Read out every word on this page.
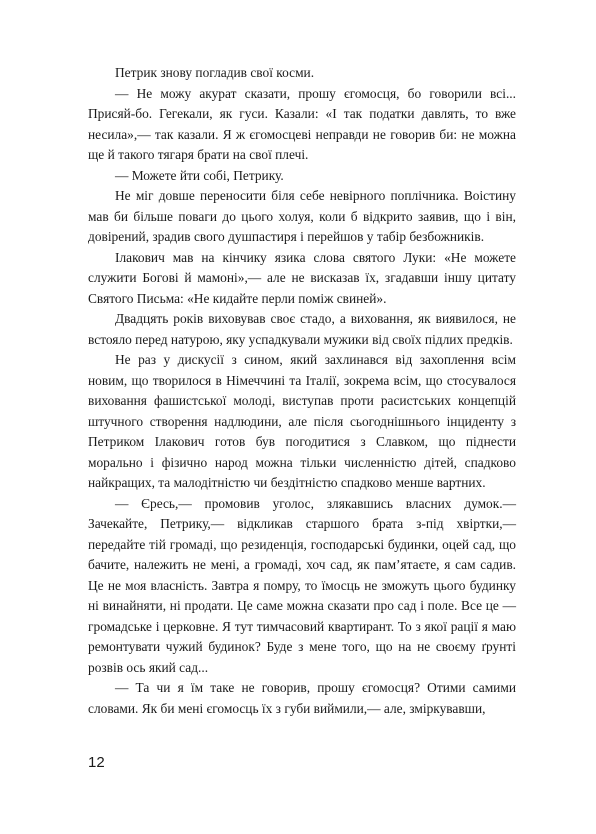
Петрик знову погладив свої косми.

— Не можу акурат сказати, прошу єгомосця, бо говорили всі... Присяй-бо. Гегекали, як гуси. Казали: «І так податки давлять, то вже несила»,— так казали. Я ж єгомосцеві неправди не говорив би: не можна ще й такого тягаря брати на свої плечі.

— Можете йти собі, Петрику.

Не міг довше переносити біля себе невірного поплічника. Воістину мав би більше поваги до цього холуя, коли б відкрито заявив, що і він, довірений, зрадив свого душпастиря і перейшов у табір безбожників.

Ілакович мав на кінчику язика слова святого Луки: «Не можете служити Богові й мамоні»,— але не висказав їх, згадавши іншу цитату Святого Письма: «Не кидайте перли поміж свиней».

Двадцять років виховував своє стадо, а виховання, як виявилося, не встояло перед натурою, яку успадкували мужики від своїх підлих предків.

Не раз у дискусії з сином, який захлинався від захоплення всім новим, що творилося в Німеччині та Італії, зокрема всім, що стосувалося виховання фашистської молоді, виступав проти расистських концепцій штучного створення надлюдини, але після сьогоднішнього інциденту з Петриком Ілакович готов був погодитися з Славком, що піднести морально і фізично народ можна тільки численністю дітей, спадково найкращих, та малодітністю чи бездітністю спадково менше вартних.

— Єресь,— промовив уголос, злякавшись власних думок.— Зачекайте, Петрику,— відкликав старшого брата з-під хвіртки,— передайте тій громаді, що резиденція, господарські будинки, оцей сад, що бачите, належить не мені, а громаді, хоч сад, як пам’ятаєте, я сам садив. Це не моя власність. Завтра я помру, то їмосць не зможуть цього будинку ні винайняти, ні продати. Це саме можна сказати про сад і поле. Все це — громадське і церковне. Я тут тимчасовий квартирант. То з якої рації я маю ремонтувати чужий будинок? Буде з мене того, що на не своєму ґрунті розвів ось який сад...

— Та чи я їм таке не говорив, прошу єгомосця? Отими самими словами. Як би мені єгомосць їх з губи виймили,— але, зміркувавши,

12
